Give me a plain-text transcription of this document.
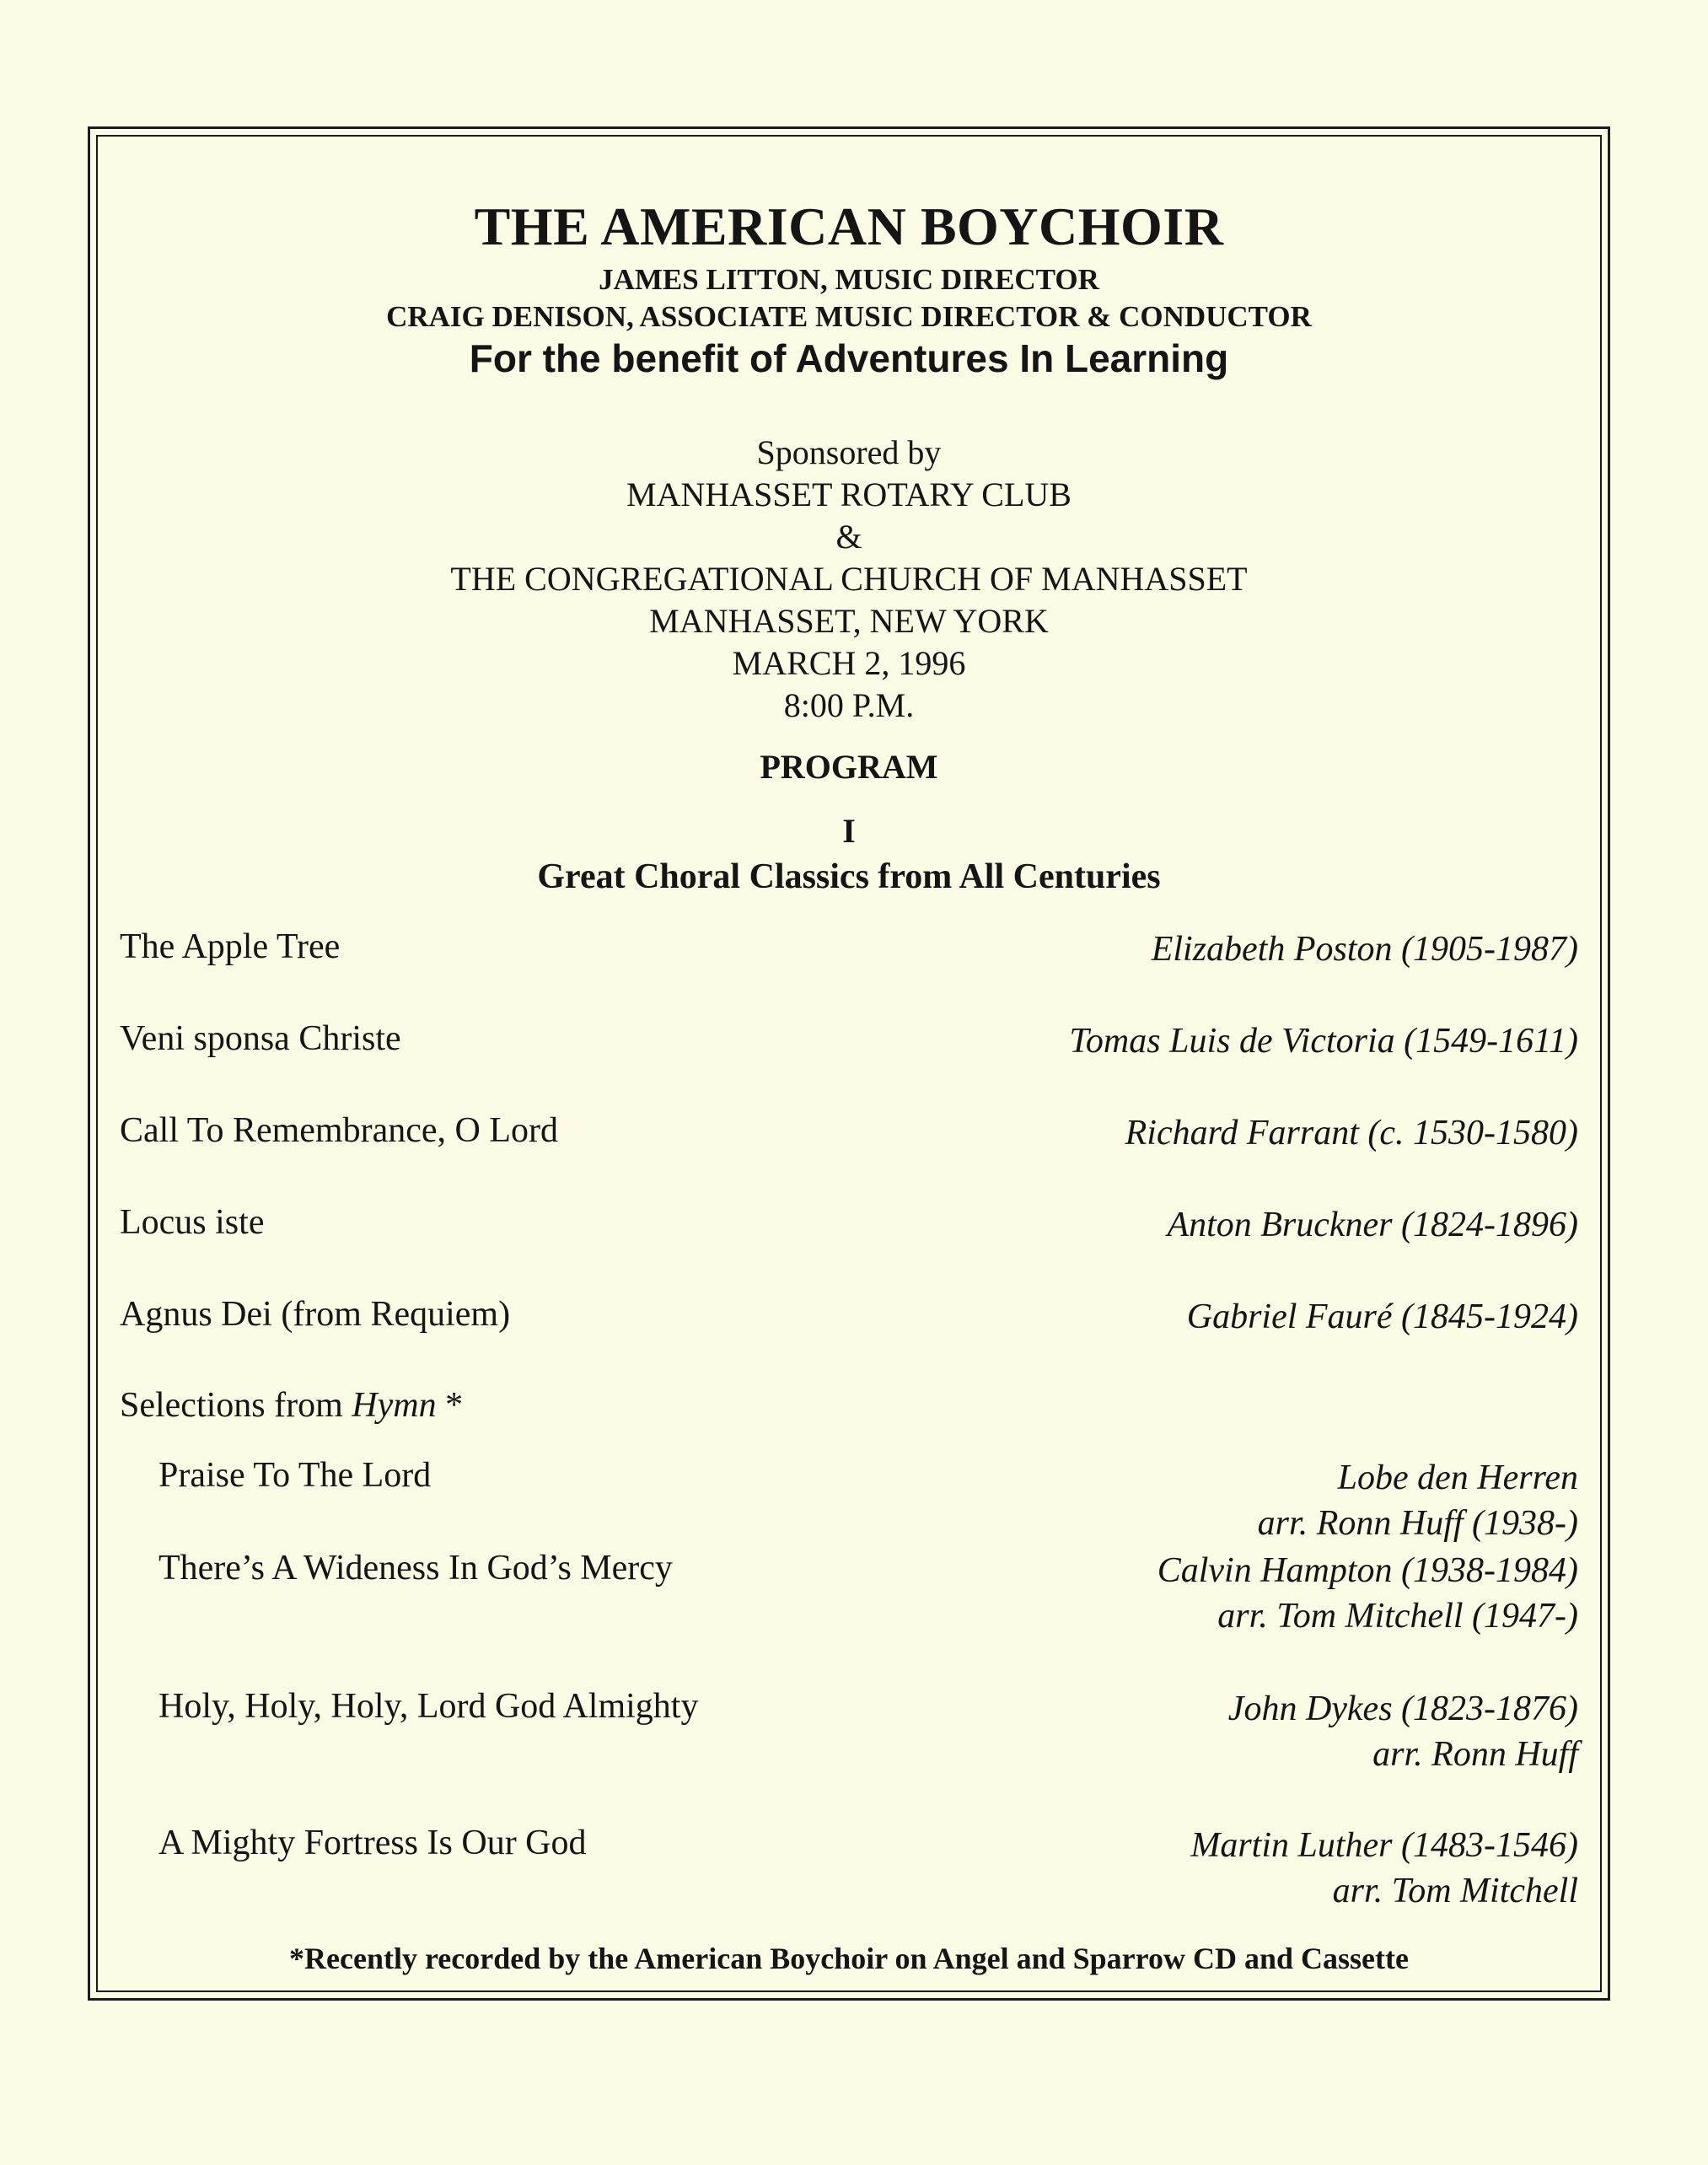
THE AMERICAN BOYCHOIR
JAMES LITTON, MUSIC DIRECTOR
CRAIG DENISON, ASSOCIATE MUSIC DIRECTOR & CONDUCTOR
For the benefit of Adventures In Learning
Sponsored by
MANHASSET ROTARY CLUB
&
THE CONGREGATIONAL CHURCH OF MANHASSET
MANHASSET, NEW YORK
MARCH 2, 1996
8:00 P.M.
PROGRAM
I
Great Choral Classics from All Centuries
The Apple Tree	Elizabeth Poston (1905-1987)
Veni sponsa Christe	Tomas Luis de Victoria (1549-1611)
Call To Remembrance, O Lord	Richard Farrant (c. 1530-1580)
Locus iste	Anton Bruckner (1824-1896)
Agnus Dei (from Requiem)	Gabriel Fauré (1845-1924)
Selections from Hymn *
Praise To The Lord	Lobe den Herren
arr. Ronn Huff (1938-)
There’s A Wideness In God’s Mercy	Calvin Hampton (1938-1984)
arr. Tom Mitchell (1947-)
Holy, Holy, Holy, Lord God Almighty	John Dykes (1823-1876)
arr. Ronn Huff
A Mighty Fortress Is Our God	Martin Luther (1483-1546)
arr. Tom Mitchell
*Recently recorded by the American Boychoir on Angel and Sparrow CD and Cassette
